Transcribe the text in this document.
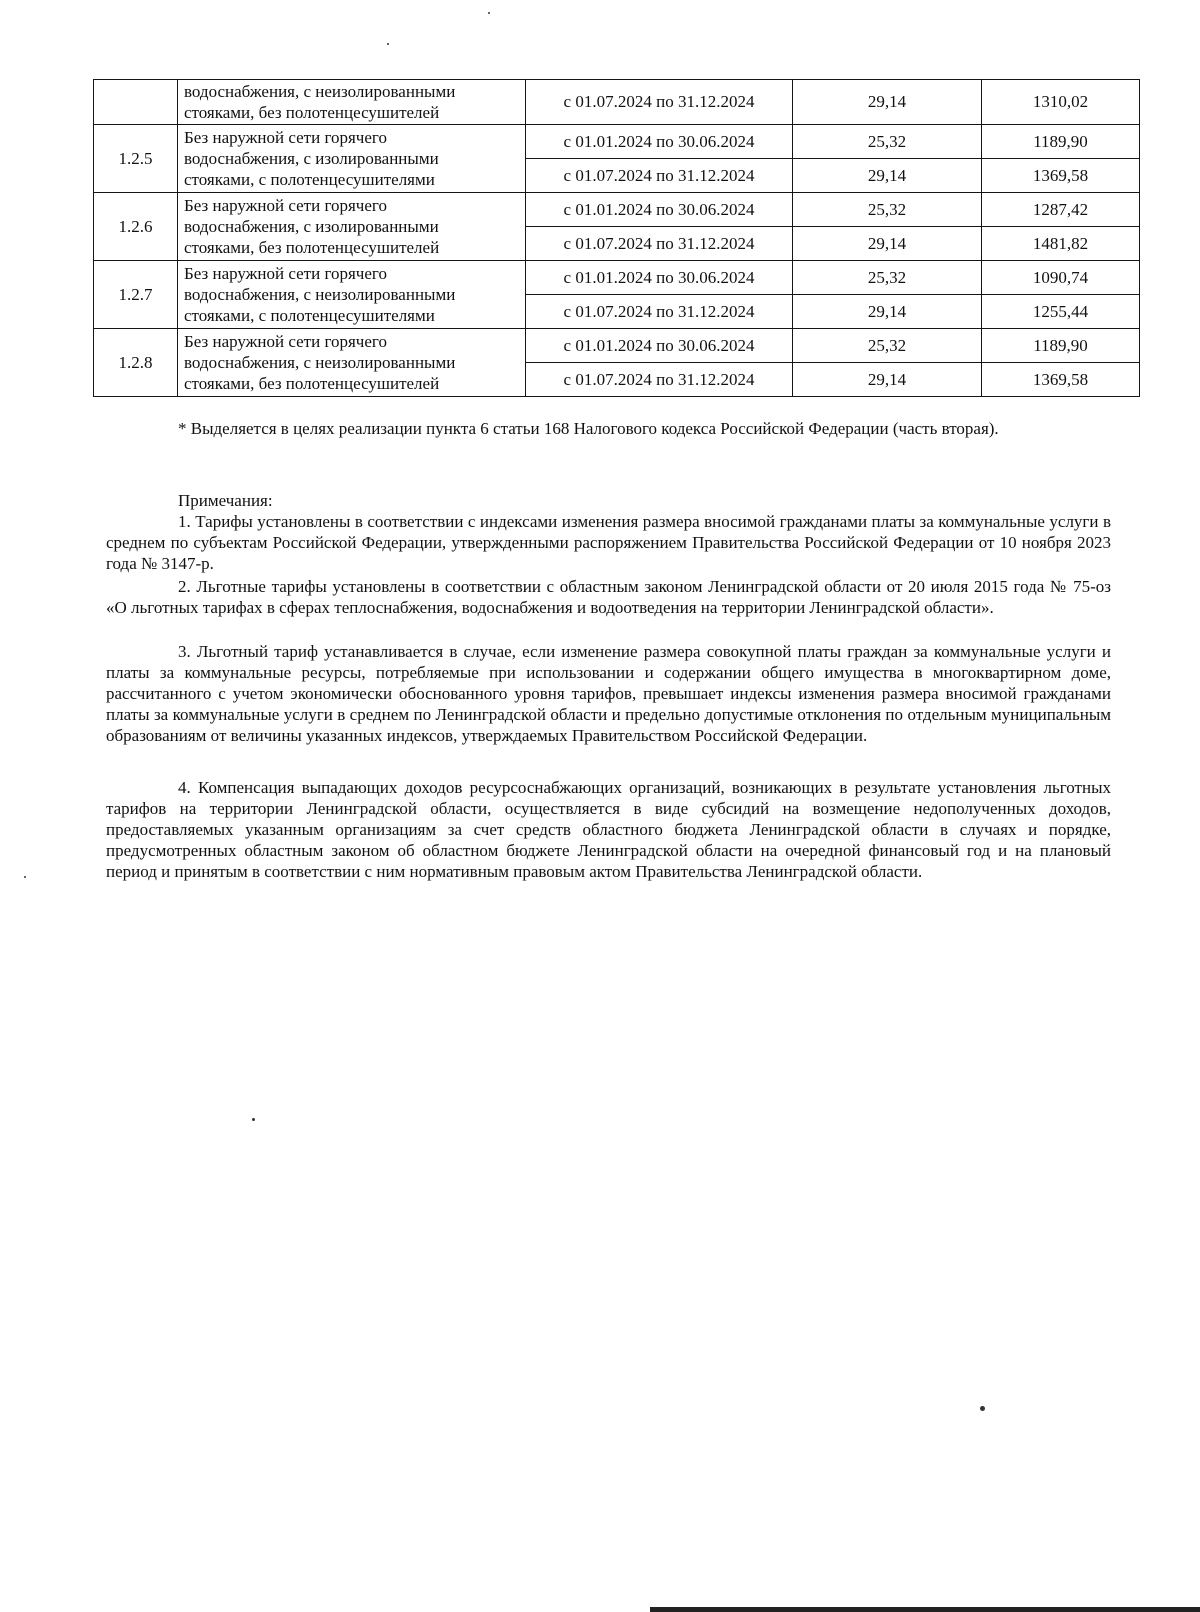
	водоснабжения, с неизолированными
стояками, без полотенцесушителей	с 01.07.2024 по 31.12.2024	29,14	1310,02
1.2.5	Без наружной сети горячего
водоснабжения, с изолированными
стояками, с полотенцесушителями	с 01.01.2024 по 30.06.2024	25,32	1189,90
		с 01.07.2024 по 31.12.2024	29,14	1369,58
1.2.6	Без наружной сети горячего
водоснабжения, с изолированными
стояками, без полотенцесушителей	с 01.01.2024 по 30.06.2024	25,32	1287,42
		с 01.07.2024 по 31.12.2024	29,14	1481,82
1.2.7	Без наружной сети горячего
водоснабжения, с неизолированными
стояками, с полотенцесушителями	с 01.01.2024 по 30.06.2024	25,32	1090,74
		с 01.07.2024 по 31.12.2024	29,14	1255,44
1.2.8	Без наружной сети горячего
водоснабжения, с неизолированными
стояками, без полотенцесушителей	с 01.01.2024 по 30.06.2024	25,32	1189,90
		с 01.07.2024 по 31.12.2024	29,14	1369,58

* Выделяется в целях реализации пункта 6 статьи 168 Налогового кодекса Российской Федерации (часть вторая).

Примечания:

1. Тарифы установлены в соответствии с индексами изменения размера вносимой гражданами платы за коммунальные услуги в среднем по субъектам Российской Федерации, утвержденными распоряжением Правительства Российской Федерации от 10 ноября 2023 года № 3147-р.

2. Льготные тарифы установлены в соответствии с областным законом Ленинградской области от 20 июля 2015 года № 75-оз «О льготных тарифах в сферах теплоснабжения, водоснабжения и водоотведения на территории Ленинградской области».

3. Льготный тариф устанавливается в случае, если изменение размера совокупной платы граждан за коммунальные услуги и платы за коммунальные ресурсы, потребляемые при использовании и содержании общего имущества в многоквартирном доме, рассчитанного с учетом экономически обоснованного уровня тарифов, превышает индексы изменения размера вносимой гражданами платы за коммунальные услуги в среднем по Ленинградской области и предельно допустимые отклонения по отдельным муниципальным образованиям от величины указанных индексов, утверждаемых Правительством Российской Федерации.

4. Компенсация выпадающих доходов ресурсоснабжающих организаций, возникающих в результате установления льготных тарифов на территории Ленинградской области, осуществляется в виде субсидий на возмещение недополученных доходов, предоставляемых указанным организациям за счет средств областного бюджета Ленинградской области в случаях и порядке, предусмотренных областным законом об областном бюджете Ленинградской области на очередной финансовый год и на плановый период и принятым в соответствии с ним нормативным правовым актом Правительства Ленинградской области.
